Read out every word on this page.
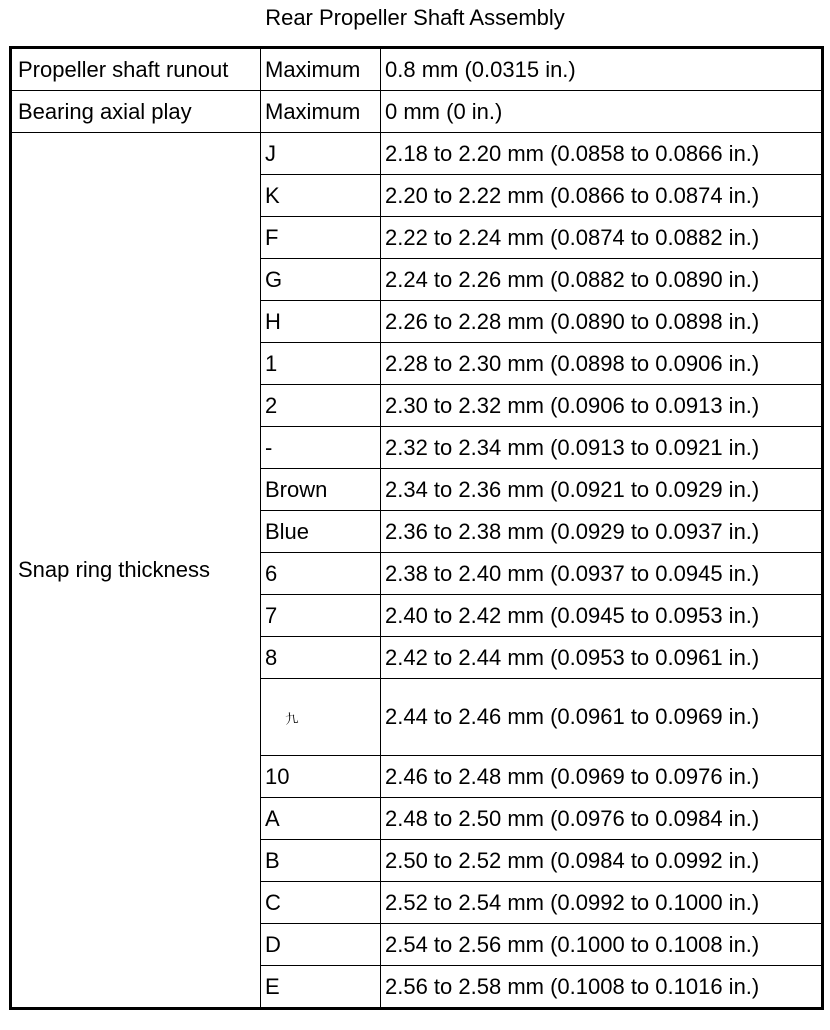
Rear Propeller Shaft Assembly
Propeller shaft runout	Maximum	0.8 mm (0.0315 in.)
Bearing axial play	Maximum	0 mm (0 in.)
Snap ring thickness	J	2.18 to 2.20 mm (0.0858 to 0.0866 in.)
	K	2.20 to 2.22 mm (0.0866 to 0.0874 in.)
	F	2.22 to 2.24 mm (0.0874 to 0.0882 in.)
	G	2.24 to 2.26 mm (0.0882 to 0.0890 in.)
	H	2.26 to 2.28 mm (0.0890 to 0.0898 in.)
	1	2.28 to 2.30 mm (0.0898 to 0.0906 in.)
	2	2.30 to 2.32 mm (0.0906 to 0.0913 in.)
	-	2.32 to 2.34 mm (0.0913 to 0.0921 in.)
	Brown	2.34 to 2.36 mm (0.0921 to 0.0929 in.)
	Blue	2.36 to 2.38 mm (0.0929 to 0.0937 in.)
	6	2.38 to 2.40 mm (0.0937 to 0.0945 in.)
	7	2.40 to 2.42 mm (0.0945 to 0.0953 in.)
	8	2.42 to 2.44 mm (0.0953 to 0.0961 in.)
	九	2.44 to 2.46 mm (0.0961 to 0.0969 in.)
	10	2.46 to 2.48 mm (0.0969 to 0.0976 in.)
	A	2.48 to 2.50 mm (0.0976 to 0.0984 in.)
	B	2.50 to 2.52 mm (0.0984 to 0.0992 in.)
	C	2.52 to 2.54 mm (0.0992 to 0.1000 in.)
	D	2.54 to 2.56 mm (0.1000 to 0.1008 in.)
	E	2.56 to 2.58 mm (0.1008 to 0.1016 in.)
